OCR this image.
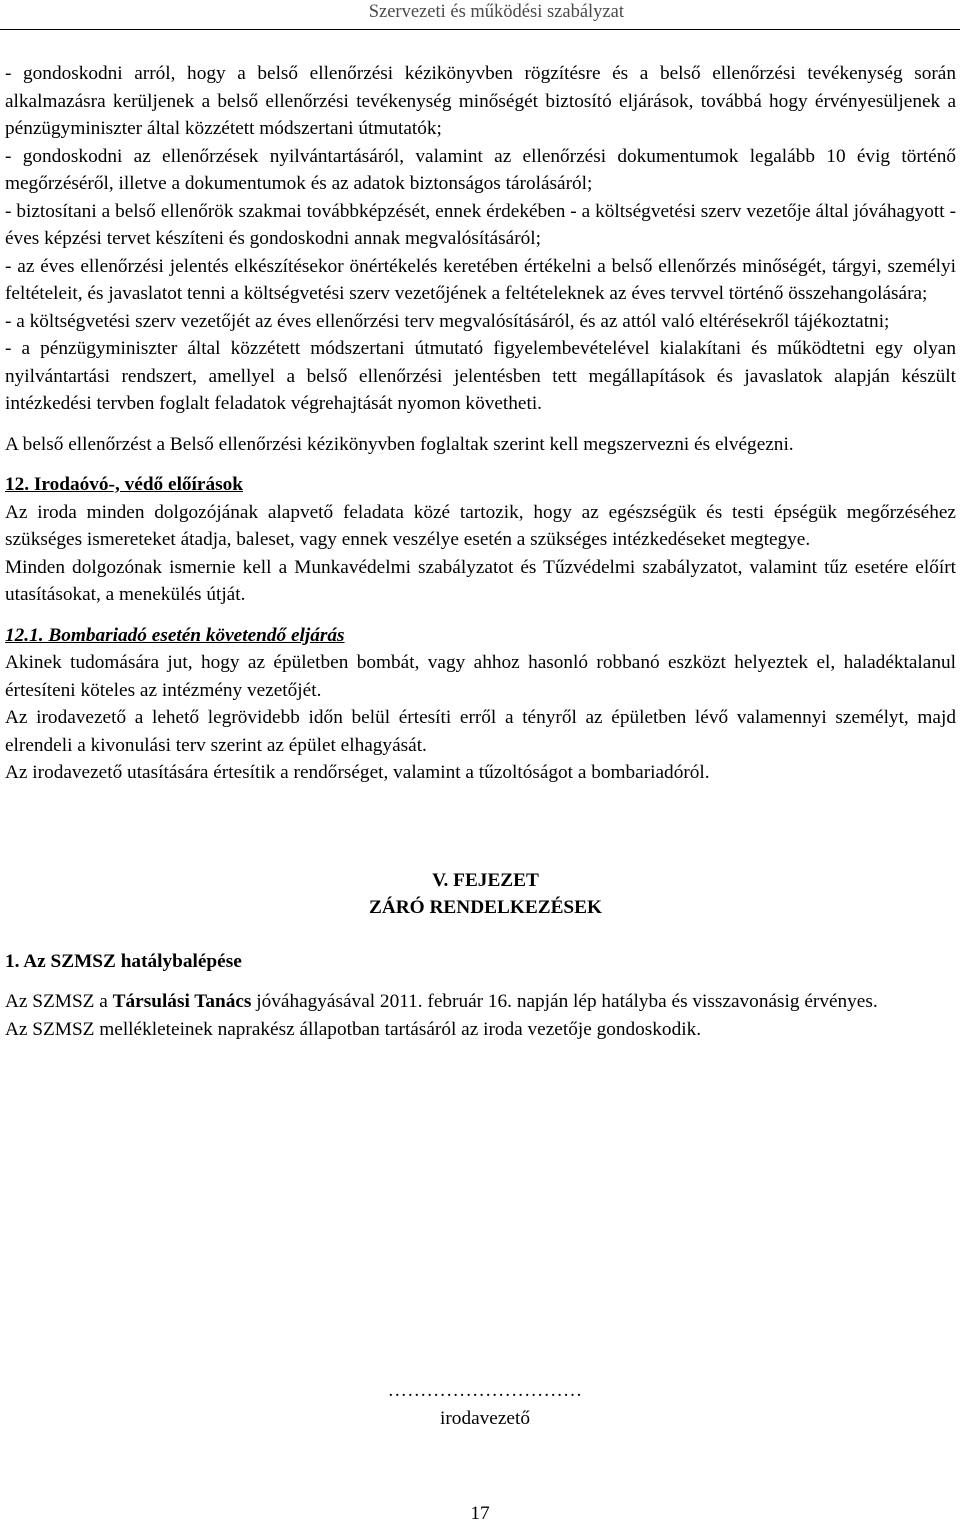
Szervezeti és működési szabályzat

- gondoskodni arról, hogy a belső ellenőrzési kézikönyvben rögzítésre és a belső ellenőrzési tevékenység során alkalmazásra kerüljenek a belső ellenőrzési tevékenység minőségét biztosító eljárások, továbbá hogy érvényesüljenek a pénzügyminiszter által közzétett módszertani útmutatók;

- gondoskodni az ellenőrzések nyilvántartásáról, valamint az ellenőrzési dokumentumok legalább 10 évig történő megőrzéséről, illetve a dokumentumok és az adatok biztonságos tárolásáról;

- biztosítani a belső ellenőrök szakmai továbbképzését, ennek érdekében - a költségvetési szerv vezetője által jóváhagyott - éves képzési tervet készíteni és gondoskodni annak megvalósításáról;

- az éves ellenőrzési jelentés elkészítésekor önértékelés keretében értékelni a belső ellenőrzés minőségét, tárgyi, személyi feltételeit, és javaslatot tenni a költségvetési szerv vezetőjének a feltételeknek az éves tervvel történő összehangolására;

- a költségvetési szerv vezetőjét az éves ellenőrzési terv megvalósításáról, és az attól való eltérésekről tájékoztatni;

- a pénzügyminiszter által közzétett módszertani útmutató figyelembevételével kialakítani és működtetni egy olyan nyilvántartási rendszert, amellyel a belső ellenőrzési jelentésben tett megállapítások és javaslatok alapján készült intézkedési tervben foglalt feladatok végrehajtását nyomon követheti.

A belső ellenőrzést a Belső ellenőrzési kézikönyvben foglaltak szerint kell megszervezni és elvégezni.

12. Irodaóvó-, védő előírások

Az iroda minden dolgozójának alapvető feladata közé tartozik, hogy az egészségük és testi épségük megőrzéséhez szükséges ismereteket átadja, baleset, vagy ennek veszélye esetén a szükséges intézkedéseket megtegye.

Minden dolgozónak ismernie kell a Munkavédelmi szabályzatot és Tűzvédelmi szabályzatot, valamint tűz esetére előírt utasításokat, a menekülés útját.

12.1. Bombariadó esetén követendő eljárás

Akinek tudomására jut, hogy az épületben bombát, vagy ahhoz hasonló robbanó eszközt helyeztek el, haladéktalanul értesíteni köteles az intézmény vezetőjét.

Az irodavezető a lehető legrövidebb időn belül értesíti erről a tényről az épületben lévő valamennyi személyt, majd elrendeli a kivonulási terv szerint az épület elhagyását.

Az irodavezető utasítására értesítik a rendőrséget, valamint a tűzoltóságot a bombariadóról.

V. FEJEZET

ZÁRÓ RENDELKEZÉSEK

1. Az SZMSZ hatálybalépése

Az SZMSZ a Társulási Tanács jóváhagyásával 2011. február 16. napján lép hatályba és visszavonásig érvényes.

Az SZMSZ mellékleteinek naprakész állapotban tartásáról az iroda vezetője gondoskodik.

…………………………
irodavezető
17
